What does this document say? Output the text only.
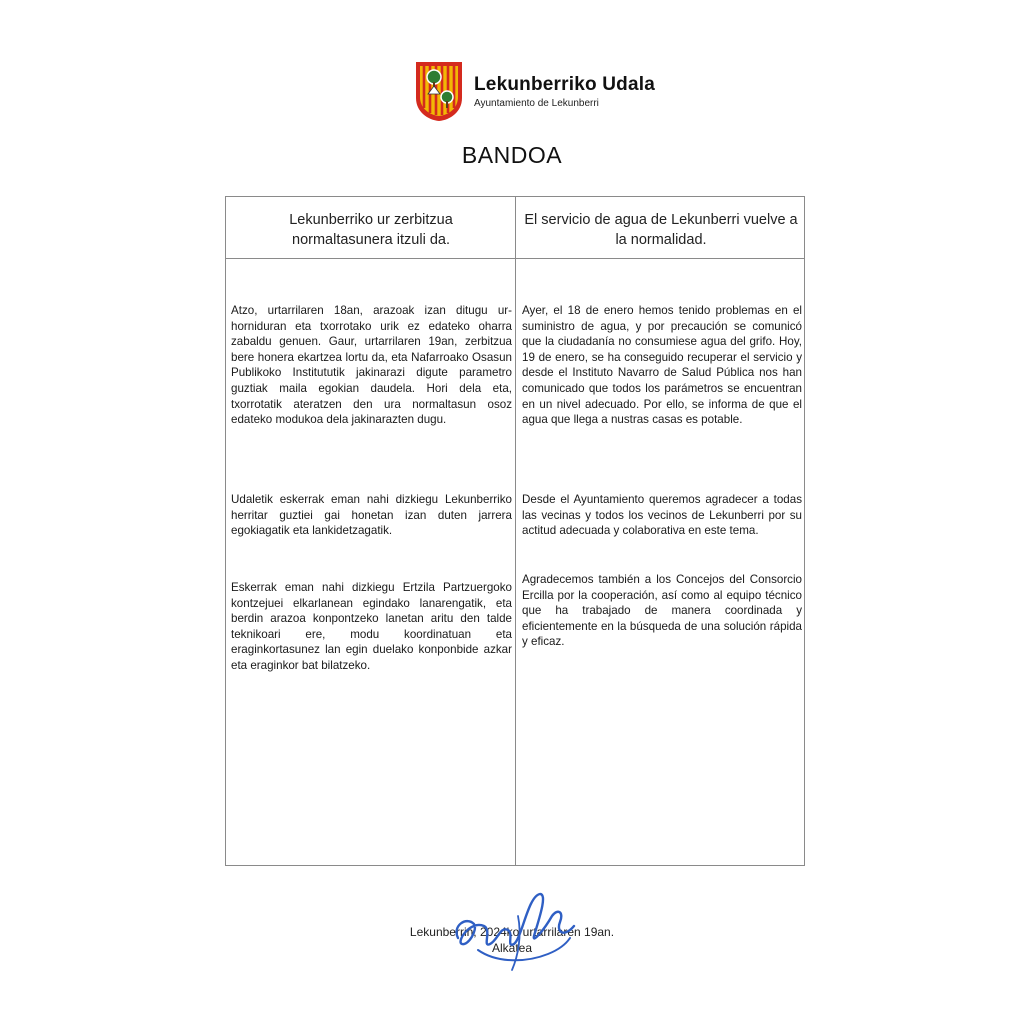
Lekunberriko Udala
Ayuntamiento de Lekunberri
BANDOA
Lekunberriko ur zerbitzua normaltasunera itzuli da.
El servicio de agua de Lekunberri vuelve a la normalidad.
Atzo, urtarrilaren 18an, arazoak izan ditugu ur-horniduran eta txorrotako urik ez edateko oharra zabaldu genuen. Gaur, urtarrilaren 19an, zerbitzua bere honera ekartzea lortu da, eta Nafarroako Osasun Publikoko Institututik jakinarazi digute parametro guztiak maila egokian daudela. Hori dela eta, txorrotatik ateratzen den ura normaltasun osoz edateko modukoa dela jakinarazten dugu.
Udaletik eskerrak eman nahi dizkiegu Lekunberriko herritar guztiei gai honetan izan duten jarrera egokiagatik eta lankidetzagatik.
Eskerrak eman nahi dizkiegu Ertzila Partzuergoko kontzejuei elkarlanean egindako lanarengatik, eta berdin arazoa konpontzeko lanetan aritu den talde teknikoari ere, modu koordinatuan eta eraginkortasunez lan egin duelako konponbide azkar eta eraginkor bat bilatzeko.
Ayer, el 18 de enero hemos tenido problemas en el suministro de agua, y por precaución se comunicó que la ciudadanía no consumiese agua del grifo. Hoy, 19 de enero, se ha conseguido recuperar el servicio y desde el Instituto Navarro de Salud Pública nos han comunicado que todos los parámetros se encuentran en un nivel adecuado. Por ello, se informa de que el agua que llega a nustras casas es potable.
Desde el Ayuntamiento queremos agradecer a todas las vecinas y todos los vecinos de Lekunberri por su actitud adecuada y colaborativa en este tema.
Agradecemos también a los Concejos del Consorcio Ercilla por la cooperación, así como al equipo técnico que ha trabajado de manera coordinada y eficientemente en la búsqueda de una solución rápida y eficaz.
Lekunberrin, 2024ko urtarrilaren 19an.
Alkatea
